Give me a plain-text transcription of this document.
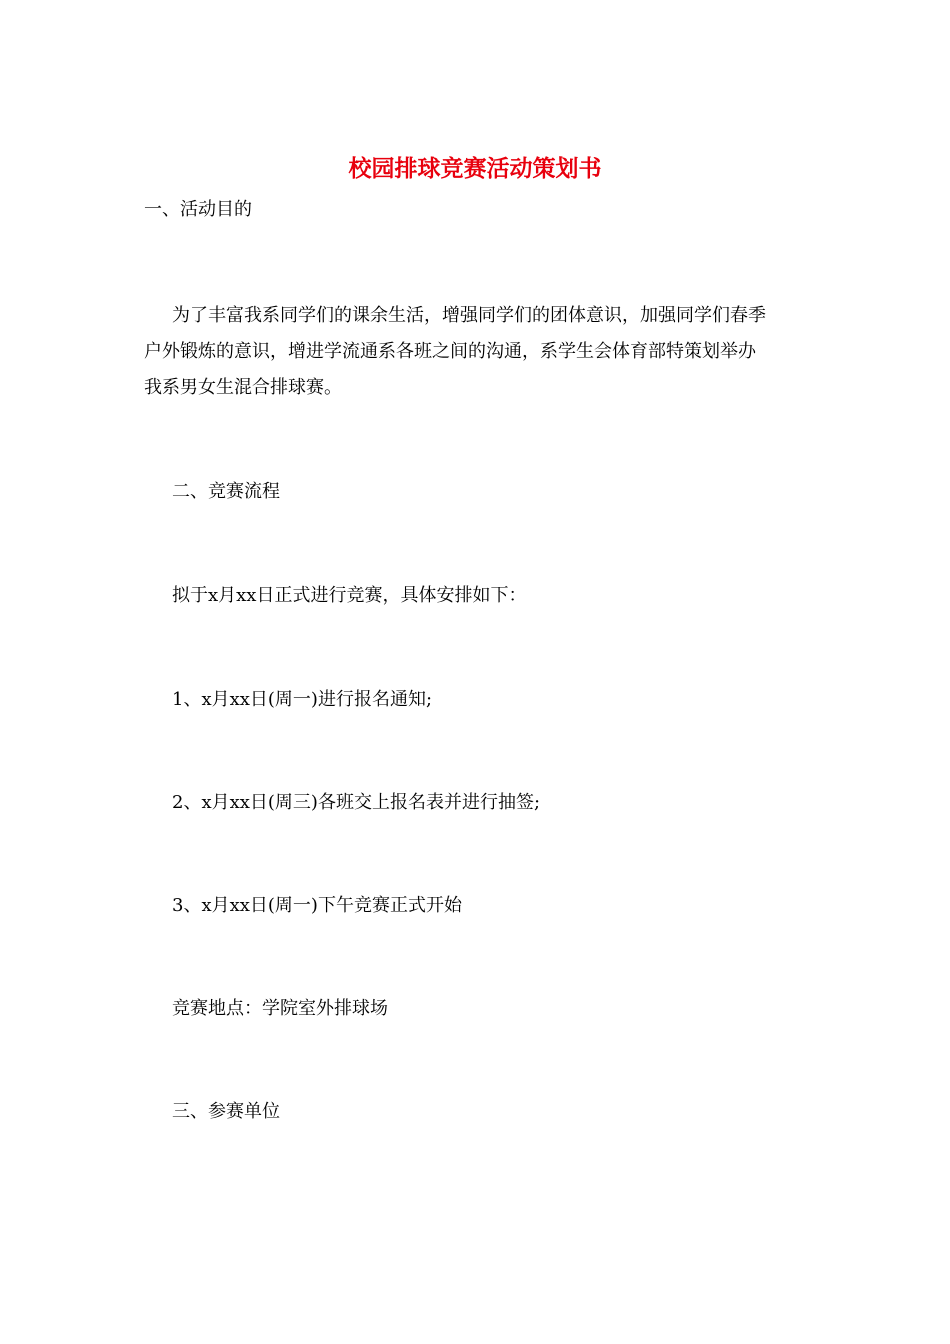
校园排球竞赛活动策划书

一、活动目的

为了丰富我系同学们的课余生活，增强同学们的团体意识，加强同学们春季
户外锻炼的意识，增进学流通系各班之间的沟通，系学生会体育部特策划举办
我系男女生混合排球赛。

二、竞赛流程

拟于x月xx日正式进行竞赛，具体安排如下：

1、x月xx日(周一)进行报名通知;

2、x月xx日(周三)各班交上报名表并进行抽签;

3、x月xx日(周一)下午竞赛正式开始

竞赛地点：学院室外排球场

三、参赛单位
